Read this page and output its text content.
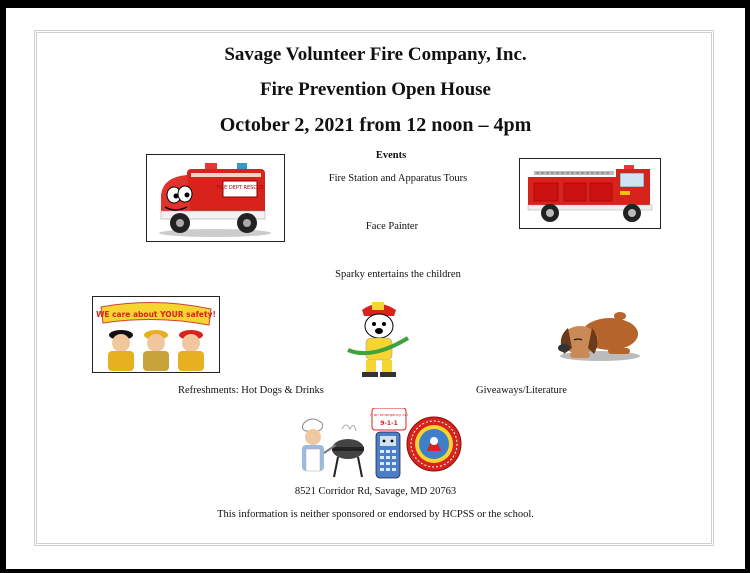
Savage Volunteer Fire Company, Inc.
Fire Prevention Open House
October 2, 2021 from 12 noon – 4pm
Events
Fire Station and Apparatus Tours
Face Painter
Sparky entertains the children
Refreshments: Hot Dogs & Drinks	Giveaways/Literature
8521 Corridor Rd, Savage, MD 20763
This information is neither sponsored or endorsed by HCPSS or the school.
FIRE DEPT RESCUE
WE care about YOUR safety!
In an emergency call
9-1-1
